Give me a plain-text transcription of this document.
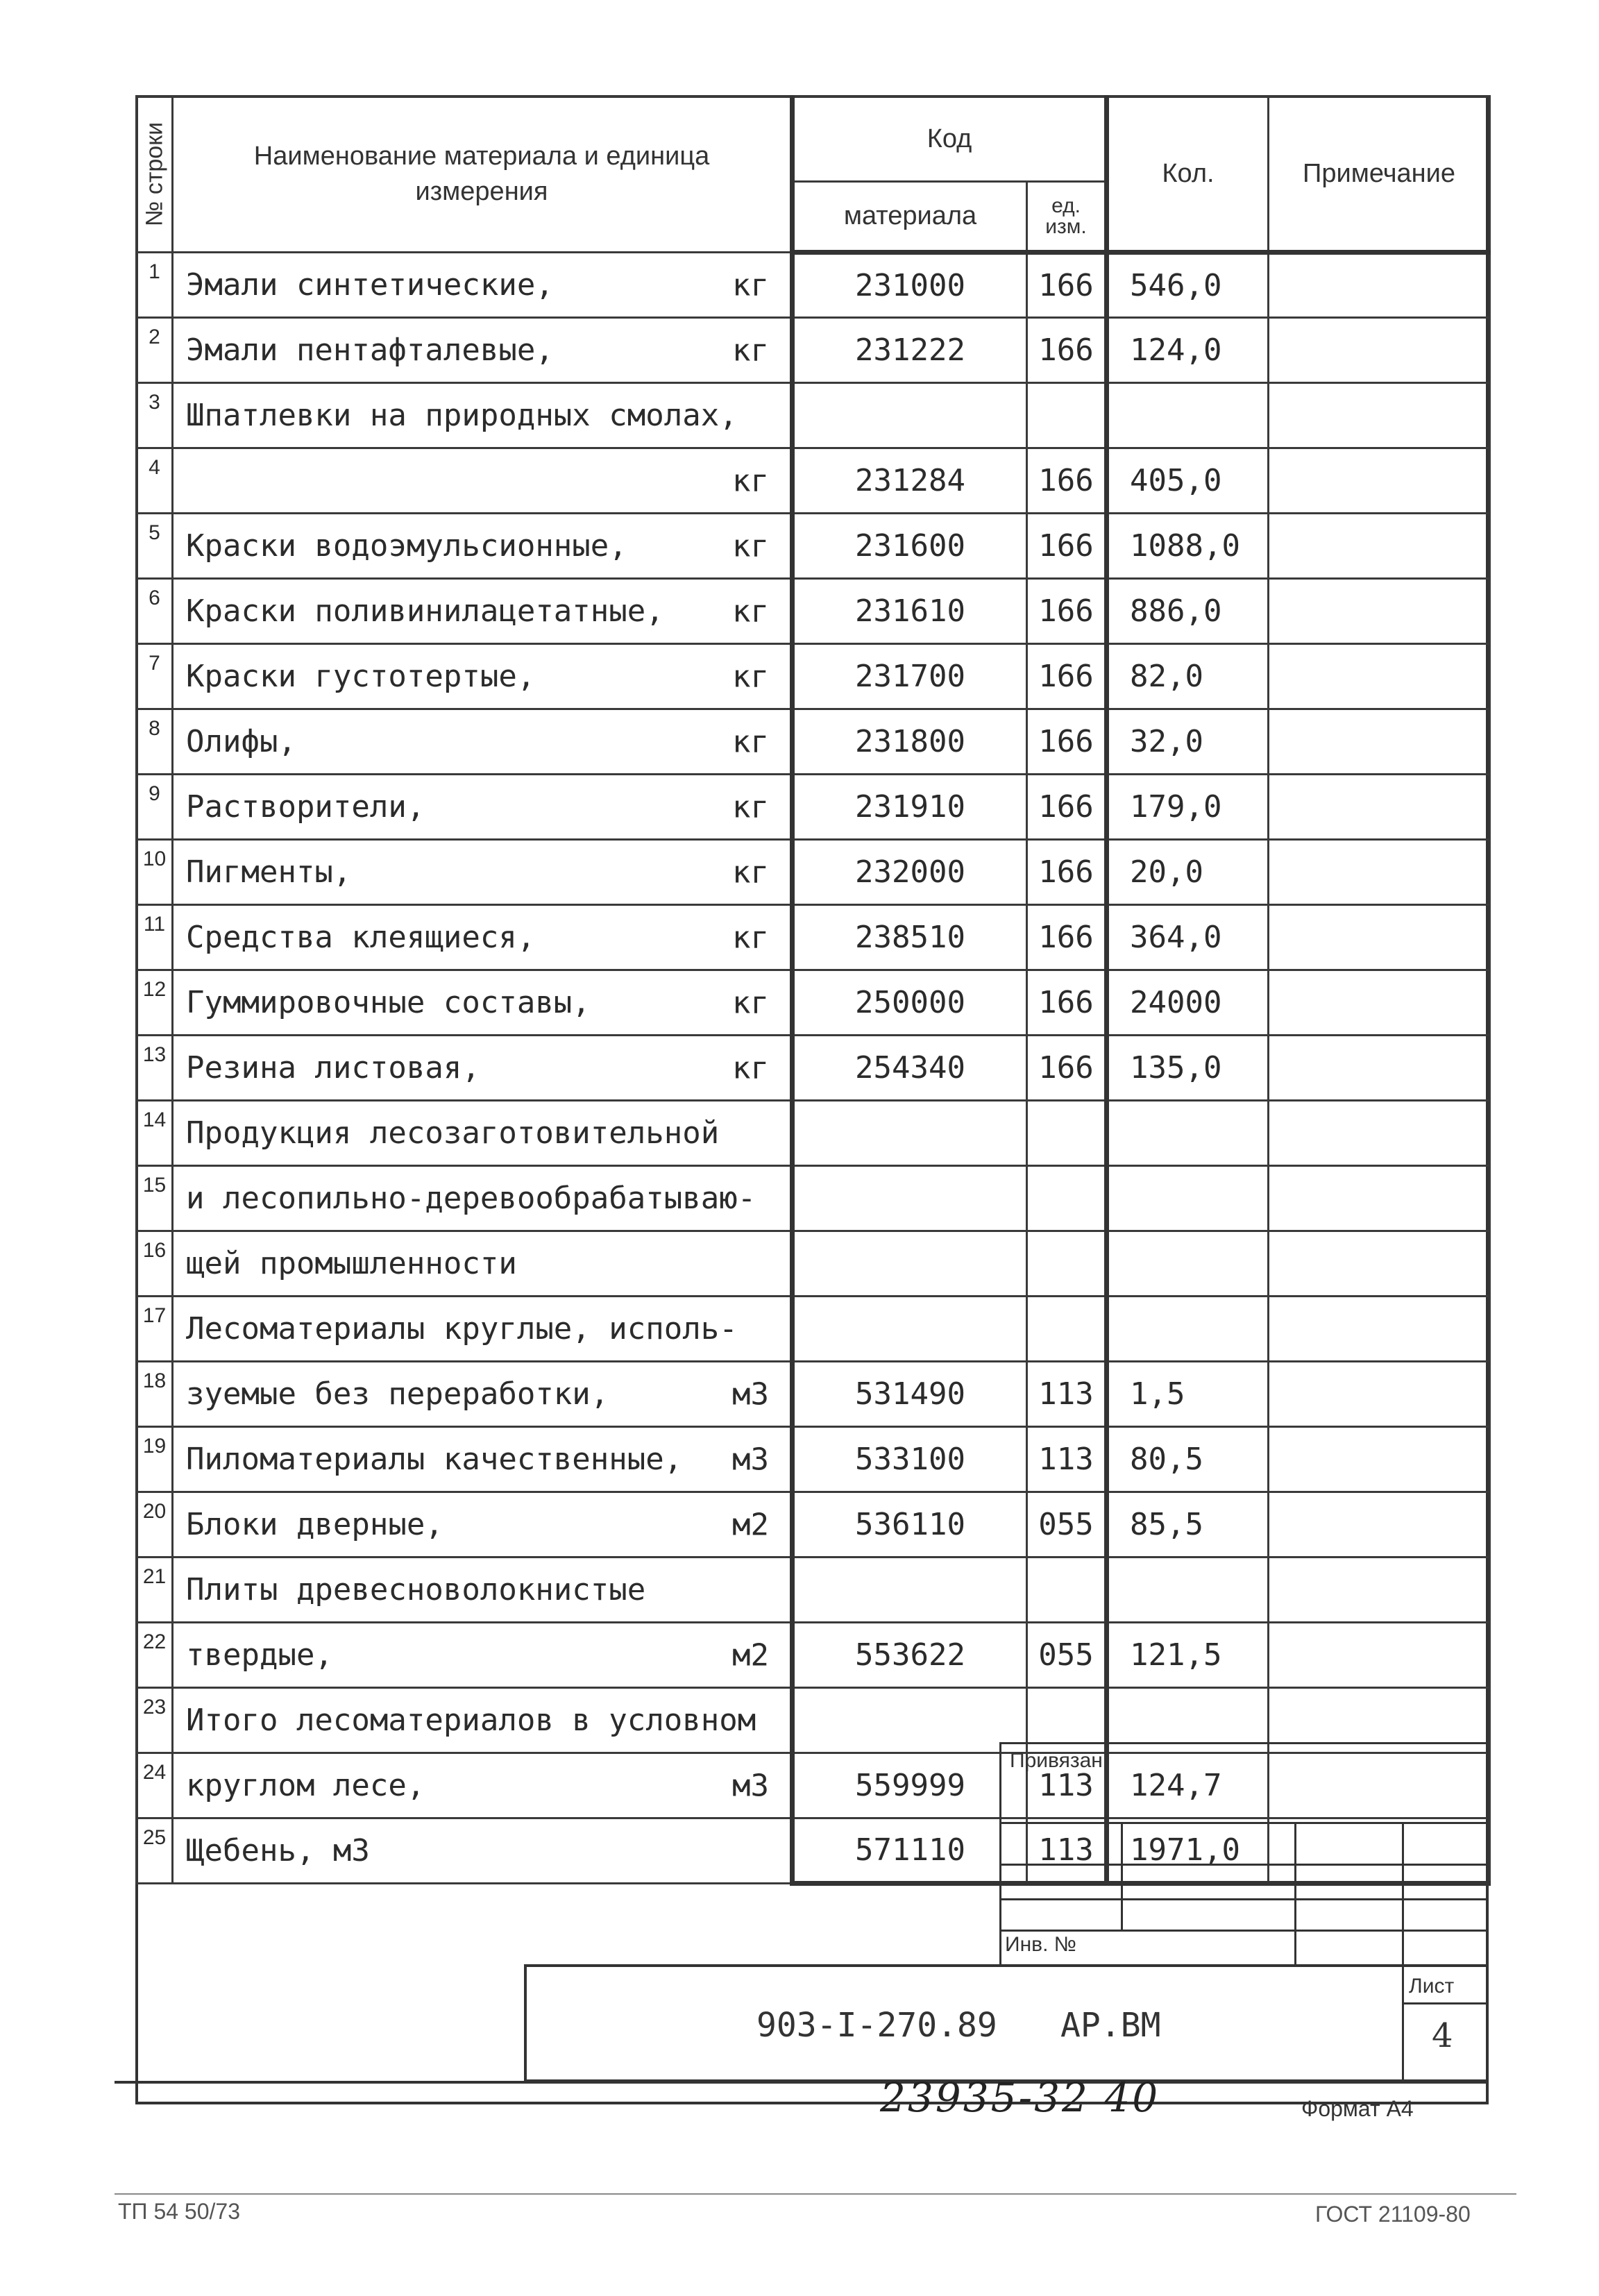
№ строки	Наименование материала и единица измерения	Код		Кол.	Примечание
		материала	ед. изм.		
1	Эмали синтетические, кг	231000	166	546,0	
2	Эмали пентафталевые, кг	231222	166	124,0	
3	Шпатлевки на природных смолах,

4	кг	231284	166	405,0	
5	Краски водоэмульсионные, кг	231600	166	1088,0	
6	Краски поливинилацетатные, кг	231610	166	886,0	
7	Краски густотертые, кг	231700	166	82,0	
8	Олифы, кг	231800	166	32,0	
9	Растворители, кг	231910	166	179,0	
10	Пигменты, кг	232000	166	20,0	
11	Средства клеящиеся, кг	238510	166	364,0	
12	Гуммировочные составы, кг	250000	166	24000	
13	Резина листовая, кг	254340	166	135,0	
14	Продукция лесозаготовительной

15	и лесопильно-деревообрабатываю-

16	щей промышленности

17	Лесоматериалы круглые, исполь-

18	зуемые без переработки, м3	531490	113	1,5	
19	Пиломатериалы качественные, м3	533100	113	80,5	
20	Блоки дверные, м2	536110	055	85,5	
21	Плиты древесноволокнистые

22	твердые, м2	553622	055	121,5	
23	Итого лесоматериалов в условном

24	круглом лесе, м3	559999	113	124,7	
25	Щебень, м3	571110	113	1971,0	
Привязан
Инв. №
Лист
4
903-I-270.89 АР.ВМ
23935-32 40	Формат А4
ТП 54 50/73	ГОСТ 21109-80
